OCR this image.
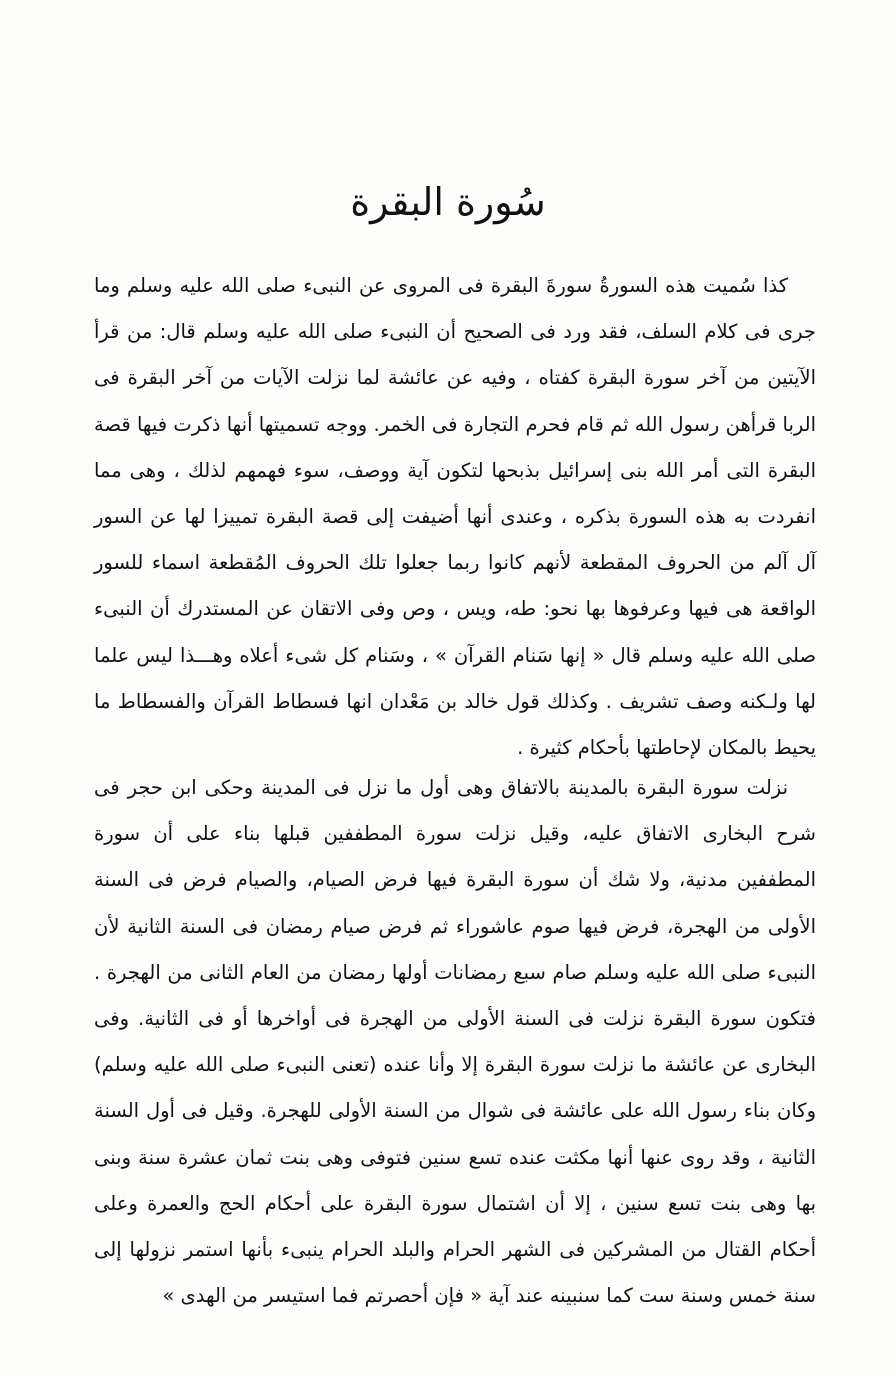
سُورة البقرة

كذا سُميت هذه السورةُ سورةَ البقرة فى المروى عن النبىء صلى الله عليه وسلم وما جرى فى كلام السلف، فقد ورد فى الصحيح أن النبىء صلى الله عليه وسلم قال: من قرأ الآيتين من آخر سورة البقرة كفتاه ، وفيه عن عائشة لما نزلت الآيات من آخر البقرة فى الربا قرأهن رسول الله ثم قام فحرم التجارة فى الخمر. ووجه تسميتها أنها ذكرت فيها قصة البقرة التى أمر الله بنى إسرائيل بذبحها لتكون آية ووصف، سوء فهمهم لذلك ، وهى مما انفردت به هذه السورة بذكره ، وعندى أنها أضيفت إلى قصة البقرة تمييزا لها عن السور آل آلم من الحروف المقطعة لأنهم كانوا ربما جعلوا تلك الحروف المُقطعة اسماء للسور الواقعة هى فيها وعرفوها بها نحو: طه، ويس ، وص وفى الاتقان عن المستدرك أن النبىء صلى الله عليه وسلم قال « إنها سَنام القرآن » ، وسَنام كل شىء أعلاه وهـــذا ليس علما لها ولـكنه وصف تشريف . وكذلك قول خالد بن مَعْدان انها فسطاط القرآن والفسطاط ما يحيط بالمكان لإحاطتها بأحكام كثيرة .

نزلت سورة البقرة بالمدينة بالاتفاق وهى أول ما نزل فى المدينة وحكى ابن حجر فى شرح البخارى الاتفاق عليه، وقيل نزلت سورة المطففين قبلها بناء على أن سورة المطففين مدنية، ولا شك أن سورة البقرة فيها فرض الصيام، والصيام فرض فى السنة الأولى من الهجرة، فرض فيها صوم عاشوراء ثم فرض صيام رمضان فى السنة الثانية لأن النبىء صلى الله عليه وسلم صام سبع رمضانات أولها رمضان من العام الثانى من الهجرة . فتكون سورة البقرة نزلت فى السنة الأولى من الهجرة فى أواخرها أو فى الثانية. وفى البخارى عن عائشة ما نزلت سورة البقرة إلا وأنا عنده (تعنى النبىء صلى الله عليه وسلم) وكان بناء رسول الله على عائشة فى شوال من السنة الأولى للهجرة. وقيل فى أول السنة الثانية ، وقد روى عنها أنها مكثت عنده تسع سنين فتوفى وهى بنت ثمان عشرة سنة وبنى بها وهى بنت تسع سنين ، إلا أن اشتمال سورة البقرة على أحكام الحج والعمرة وعلى أحكام القتال من المشركين فى الشهر الحرام والبلد الحرام ينبىء بأنها استمر نزولها إلى سنة خمس وسنة ست كما سنبينه عند آية « فإن أحصرتم فما استيسر من الهدى »
